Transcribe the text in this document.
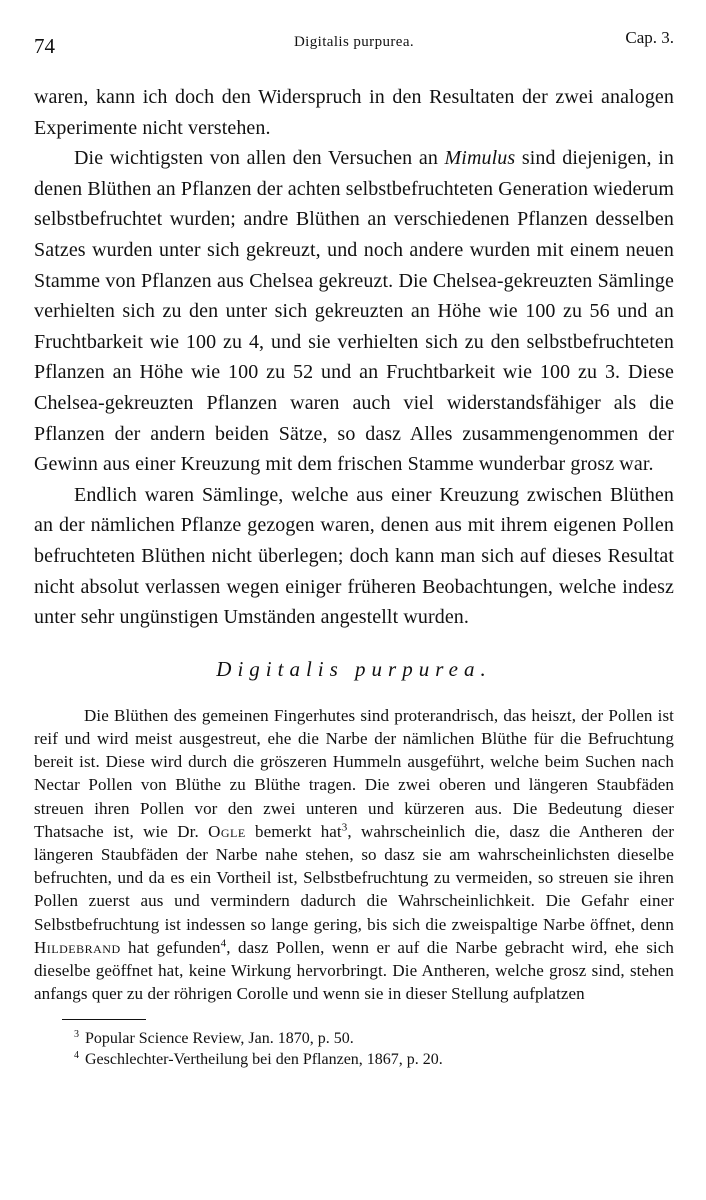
74	Digitalis purpurea.	Cap. 3.

waren, kann ich doch den Widerspruch in den Resultaten der zwei analogen Experimente nicht verstehen.

Die wichtigsten von allen den Versuchen an Mimulus sind diejenigen, in denen Blüthen an Pflanzen der achten selbstbefruchteten Generation wiederum selbstbefruchtet wurden; andre Blüthen an verschiedenen Pflanzen desselben Satzes wurden unter sich gekreuzt, und noch andere wurden mit einem neuen Stamme von Pflanzen aus Chelsea gekreuzt. Die Chelsea-gekreuzten Sämlinge verhielten sich zu den unter sich gekreuzten an Höhe wie 100 zu 56 und an Fruchtbarkeit wie 100 zu 4, und sie verhielten sich zu den selbstbefruchteten Pflanzen an Höhe wie 100 zu 52 und an Fruchtbarkeit wie 100 zu 3. Diese Chelsea-gekreuzten Pflanzen waren auch viel widerstandsfähiger als die Pflanzen der andern beiden Sätze, so dasz Alles zusammengenommen der Gewinn aus einer Kreuzung mit dem frischen Stamme wunderbar grosz war.

Endlich waren Sämlinge, welche aus einer Kreuzung zwischen Blüthen an der nämlichen Pflanze gezogen waren, denen aus mit ihrem eigenen Pollen befruchteten Blüthen nicht überlegen; doch kann man sich auf dieses Resultat nicht absolut verlassen wegen einiger früheren Beobachtungen, welche indesz unter sehr ungünstigen Umständen angestellt wurden.

Digitalis purpurea.

Die Blüthen des gemeinen Fingerhutes sind proterandrisch, das heiszt, der Pollen ist reif und wird meist ausgestreut, ehe die Narbe der nämlichen Blüthe für die Befruchtung bereit ist. Diese wird durch die gröszeren Hummeln ausgeführt, welche beim Suchen nach Nectar Pollen von Blüthe zu Blüthe tragen. Die zwei oberen und längeren Staubfäden streuen ihren Pollen vor den zwei unteren und kürzeren aus. Die Bedeutung dieser Thatsache ist, wie Dr. Ogle bemerkt hat$^3$, wahrscheinlich die, dasz die Antheren der längeren Staubfäden der Narbe nahe stehen, so dasz sie am wahrscheinlichsten dieselbe befruchten, und da es ein Vortheil ist, Selbstbefruchtung zu vermeiden, so streuen sie ihren Pollen zuerst aus und vermindern dadurch die Wahrscheinlichkeit. Die Gefahr einer Selbstbefruchtung ist indessen so lange gering, bis sich die zweispaltige Narbe öffnet, denn Hildebrand hat gefunden$^4$, dasz Pollen, wenn er auf die Narbe gebracht wird, ehe sich dieselbe geöffnet hat, keine Wirkung hervorbringt. Die Antheren, welche grosz sind, stehen anfangs quer zu der röhrigen Corolle und wenn sie in dieser Stellung aufplatzen

$^3$ Popular Science Review, Jan. 1870, p. 50.
$^4$ Geschlechter-Vertheilung bei den Pflanzen, 1867, p. 20.
